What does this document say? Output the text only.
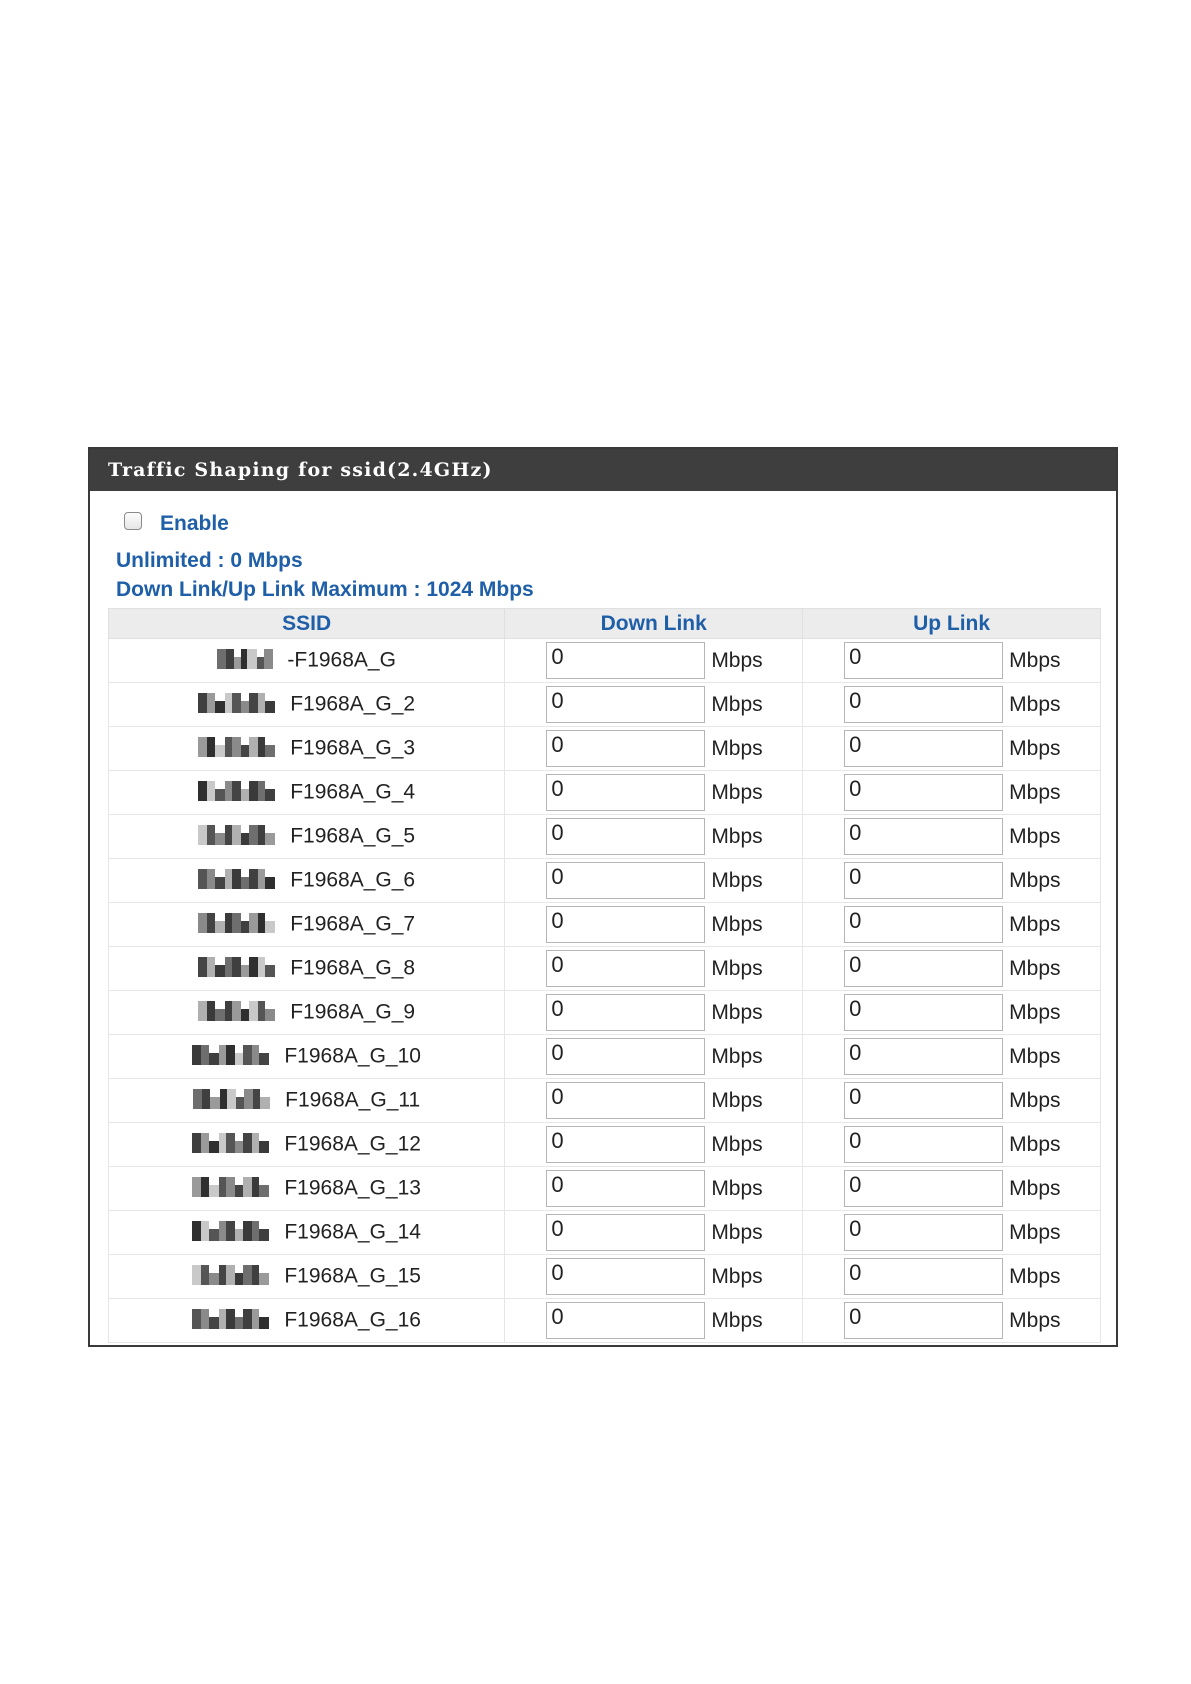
Traffic Shaping for ssid(2.4GHz)
Enable
Unlimited : 0 Mbps
Down Link/Up Link Maximum : 1024 Mbps
SSID	Down Link	Up Link
-F1968A_G	0 Mbps	0 Mbps

F1968A_G_2	0 Mbps	0 Mbps

F1968A_G_3	0 Mbps	0 Mbps

F1968A_G_4	0 Mbps	0 Mbps

F1968A_G_5	0 Mbps	0 Mbps

F1968A_G_6	0 Mbps	0 Mbps

F1968A_G_7	0 Mbps	0 Mbps

F1968A_G_8	0 Mbps	0 Mbps

F1968A_G_9	0 Mbps	0 Mbps

F1968A_G_10	0 Mbps	0 Mbps

F1968A_G_11	0 Mbps	0 Mbps

F1968A_G_12	0 Mbps	0 Mbps

F1968A_G_13	0 Mbps	0 Mbps

F1968A_G_14	0 Mbps	0 Mbps

F1968A_G_15	0 Mbps	0 Mbps

F1968A_G_16	0 Mbps	0 Mbps
